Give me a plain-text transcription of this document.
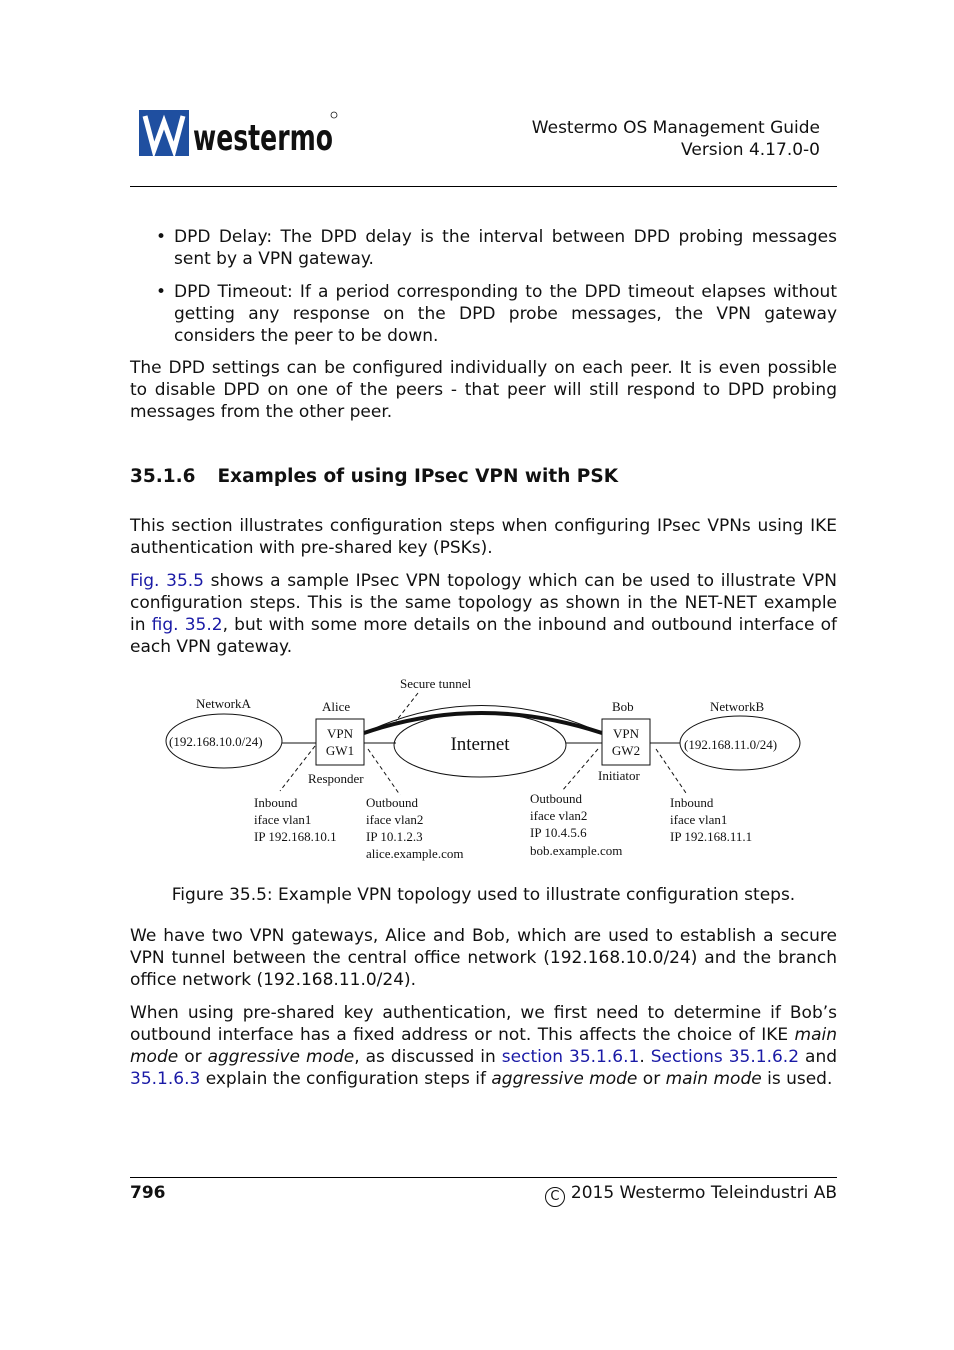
westermo	Westermo OS Management Guide
Version 4.17.0-0
• DPD Delay: The DPD delay is the interval between DPD probing messages sent by a VPN gateway.
• DPD Timeout: If a period corresponding to the DPD timeout elapses without getting any response on the DPD probe messages, the VPN gateway considers the peer to be down.
The DPD settings can be configured individually on each peer. It is even possible to disable DPD on one of the peers - that peer will still respond to DPD probing messages from the other peer.
35.1.6 Examples of using IPsec VPN with PSK
This section illustrates configuration steps when configuring IPsec VPNs using IKE authentication with pre-shared key (PSKs).
Fig. 35.5 shows a sample IPsec VPN topology which can be used to illustrate VPN configuration steps. This is the same topology as shown in the NET-NET example in fig. 35.2, but with some more details on the inbound and outbound interface of each VPN gateway.
NetworkA
(192.168.10.0/24)
VPN
GW1
Alice
Responder
Internet
Secure tunnel
VPN
GW2
Bob
Initiator
NetworkB
(192.168.11.0/24)
Inbound iface vlan1 IP 192.168.10.1
Outbound iface vlan2 IP 10.1.2.3 alice.example.com
Outbound iface vlan2 IP 10.4.5.6 bob.example.com
Inbound iface vlan1 IP 192.168.11.1
Figure 35.5: Example VPN topology used to illustrate configuration steps.
We have two VPN gateways, Alice and Bob, which are used to establish a secure VPN tunnel between the central office network (192.168.10.0/24) and the branch office network (192.168.11.0/24).
When using pre-shared key authentication, we first need to determine if Bob’s outbound interface has a fixed address or not. This affects the choice of IKE main mode or aggressive mode, as discussed in section 35.1.6.1. Sections 35.1.6.2 and 35.1.6.3 explain the configuration steps if aggressive mode or main mode is used.
796	C 2015 Westermo Teleindustri AB
